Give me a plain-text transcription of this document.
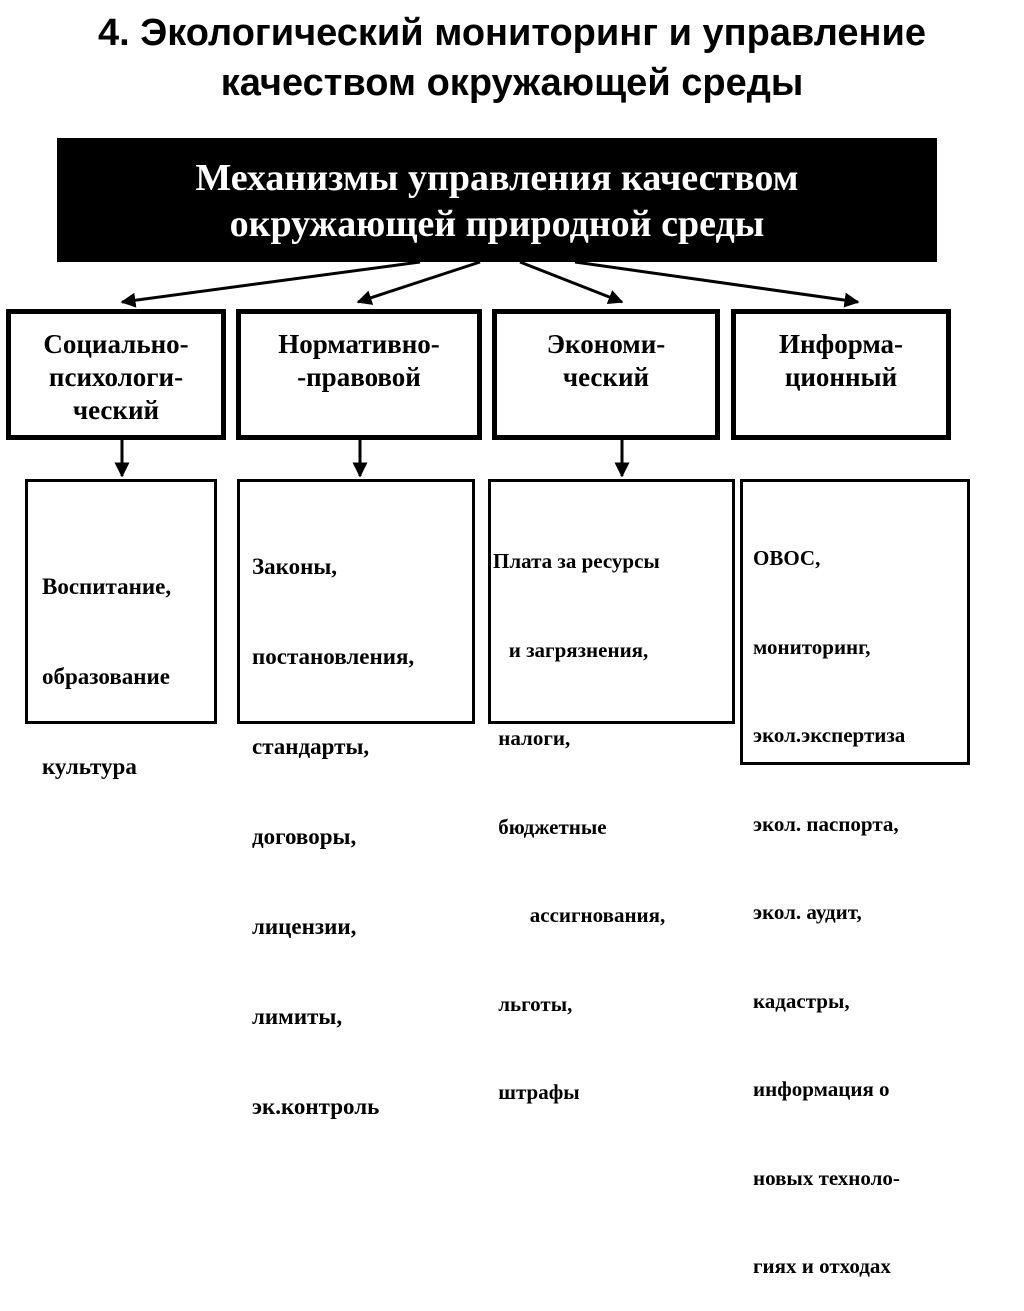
4. Экологический мониторинг и управление
качеством окружающей среды
Механизмы управления качеством
окружающей природной среды
Социально-
психологи-
ческий
Нормативно-
-правовой
Экономи-
ческий
Информа-
ционный

Воспитание,

образование

культура

Законы,

постановления,

стандарты,

договоры,

лицензии,

лимиты,

эк.контроль

Плата за ресурсы

и загрязнения,

налоги,

бюджетные

ассигнования,

льготы,

штрафы

ОВОС,

мониторинг,

экол.экспертиза

экол. паспорта,

экол. аудит,

кадастры,

информация о

новых техноло-

гиях и отходах
